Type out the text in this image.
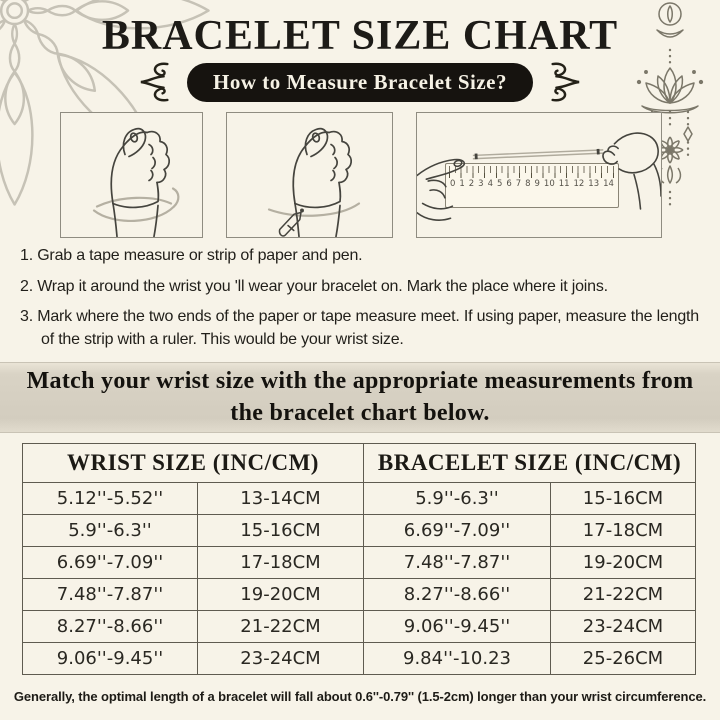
BRACELET SIZE CHART
How to Measure Bracelet Size?
0 1 2 3 4 5 6 7 8 9 10 11 12 13 14
1. Grab a tape measure or strip of paper and pen.
2. Wrap it around the wrist you 'll wear your bracelet on. Mark the place where it joins.
3. Mark where the two ends of the paper or tape measure meet. If using paper, measure the length of the strip with a ruler. This would be your wrist size.
Match your wrist size with the appropriate measurements from the bracelet chart below.
WRIST SIZE (INC/CM)		BRACELET SIZE (INC/CM)	
5.12''-5.52''	13-14CM	5.9''-6.3''	15-16CM
5.9''-6.3''	15-16CM	6.69''-7.09''	17-18CM
6.69''-7.09''	17-18CM	7.48''-7.87''	19-20CM
7.48''-7.87''	19-20CM	8.27''-8.66''	21-22CM
8.27''-8.66''	21-22CM	9.06''-9.45''	23-24CM
9.06''-9.45''	23-24CM	9.84''-10.23	25-26CM
Generally, the optimal length of a bracelet will fall about 0.6''-0.79'' (1.5-2cm) longer than your wrist circumference.
